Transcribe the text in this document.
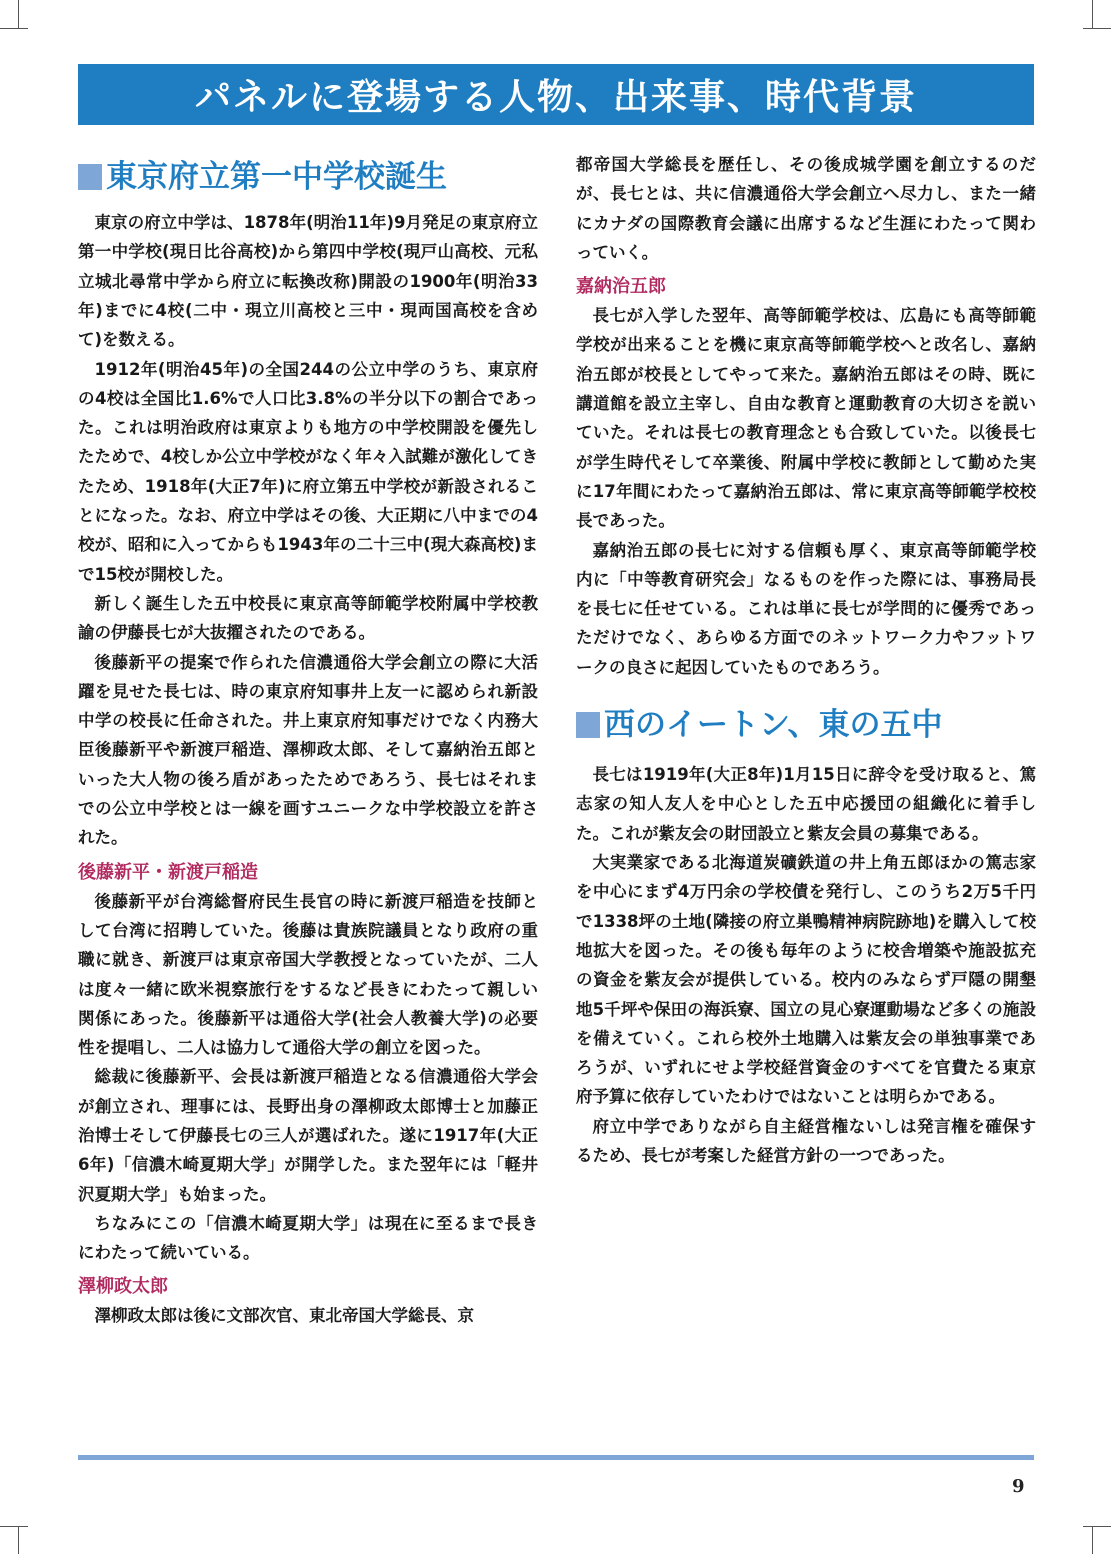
パネルに登場する人物、出来事、時代背景
東京府立第一中学校誕生

東京の府立中学は、1878年(明治11年)9月発足の東京府立第一中学校(現日比谷高校)から第四中学校(現戸山高校、元私立城北尋常中学から府立に転換改称)開設の1900年(明治33年)までに4校(二中・現立川高校と三中・現両国高校を含めて)を数える。

1912年(明治45年)の全国244の公立中学のうち、東京府の4校は全国比1.6%で人口比3.8%の半分以下の割合であった。これは明治政府は東京よりも地方の中学校開設を優先したためで、4校しか公立中学校がなく年々入試難が激化してきたため、1918年(大正7年)に府立第五中学校が新設されることになった。なお、府立中学はその後、大正期に八中までの4校が、昭和に入ってからも1943年の二十三中(現大森高校)まで15校が開校した。

新しく誕生した五中校長に東京高等師範学校附属中学校教諭の伊藤長七が大抜擢されたのである。

後藤新平の提案で作られた信濃通俗大学会創立の際に大活躍を見せた長七は、時の東京府知事井上友一に認められ新設中学の校長に任命された。井上東京府知事だけでなく内務大臣後藤新平や新渡戸稲造、澤柳政太郎、そして嘉納治五郎といった大人物の後ろ盾があったためであろう、長七はそれまでの公立中学校とは一線を画すユニークな中学校設立を許された。

後藤新平・新渡戸稲造

後藤新平が台湾総督府民生長官の時に新渡戸稲造を技師として台湾に招聘していた。後藤は貴族院議員となり政府の重職に就き、新渡戸は東京帝国大学教授となっていたが、二人は度々一緒に欧米視察旅行をするなど長きにわたって親しい関係にあった。後藤新平は通俗大学(社会人教養大学)の必要性を提唱し、二人は協力して通俗大学の創立を図った。

総裁に後藤新平、会長は新渡戸稲造となる信濃通俗大学会が創立され、理事には、長野出身の澤柳政太郎博士と加藤正治博士そして伊藤長七の三人が選ばれた。遂に1917年(大正6年)「信濃木崎夏期大学」が開学した。また翌年には「軽井沢夏期大学」も始まった。

ちなみにこの「信濃木崎夏期大学」は現在に至るまで長きにわたって続いている。

澤柳政太郎

澤柳政太郎は後に文部次官、東北帝国大学総長、京

都帝国大学総長を歴任し、その後成城学園を創立するのだが、長七とは、共に信濃通俗大学会創立へ尽力し、また一緒にカナダの国際教育会議に出席するなど生涯にわたって関わっていく。

嘉納治五郎

長七が入学した翌年、高等師範学校は、広島にも高等師範学校が出来ることを機に東京高等師範学校へと改名し、嘉納治五郎が校長としてやって来た。嘉納治五郎はその時、既に講道館を設立主宰し、自由な教育と運動教育の大切さを説いていた。それは長七の教育理念とも合致していた。以後長七が学生時代そして卒業後、附属中学校に教師として勤めた実に17年間にわたって嘉納治五郎は、常に東京高等師範学校校長であった。

嘉納治五郎の長七に対する信頼も厚く、東京高等師範学校内に「中等教育研究会」なるものを作った際には、事務局長を長七に任せている。これは単に長七が学問的に優秀であっただけでなく、あらゆる方面でのネットワーク力やフットワークの良さに起因していたものであろう。

西のイートン、東の五中

長七は1919年(大正8年)1月15日に辞令を受け取ると、篤志家の知人友人を中心とした五中応援団の組織化に着手した。これが紫友会の財団設立と紫友会員の募集である。

大実業家である北海道炭礦鉄道の井上角五郎ほかの篤志家を中心にまず4万円余の学校債を発行し、このうち2万5千円で1338坪の土地(隣接の府立巣鴨精神病院跡地)を購入して校地拡大を図った。その後も毎年のように校舎増築や施設拡充の資金を紫友会が提供している。校内のみならず戸隠の開墾地5千坪や保田の海浜寮、国立の見心寮運動場など多くの施設を備えていく。これら校外土地購入は紫友会の単独事業であろうが、いずれにせよ学校経営資金のすべてを官費たる東京府予算に依存していたわけではないことは明らかである。

府立中学でありながら自主経営権ないしは発言権を確保するため、長七が考案した経営方針の一つであった。

9
